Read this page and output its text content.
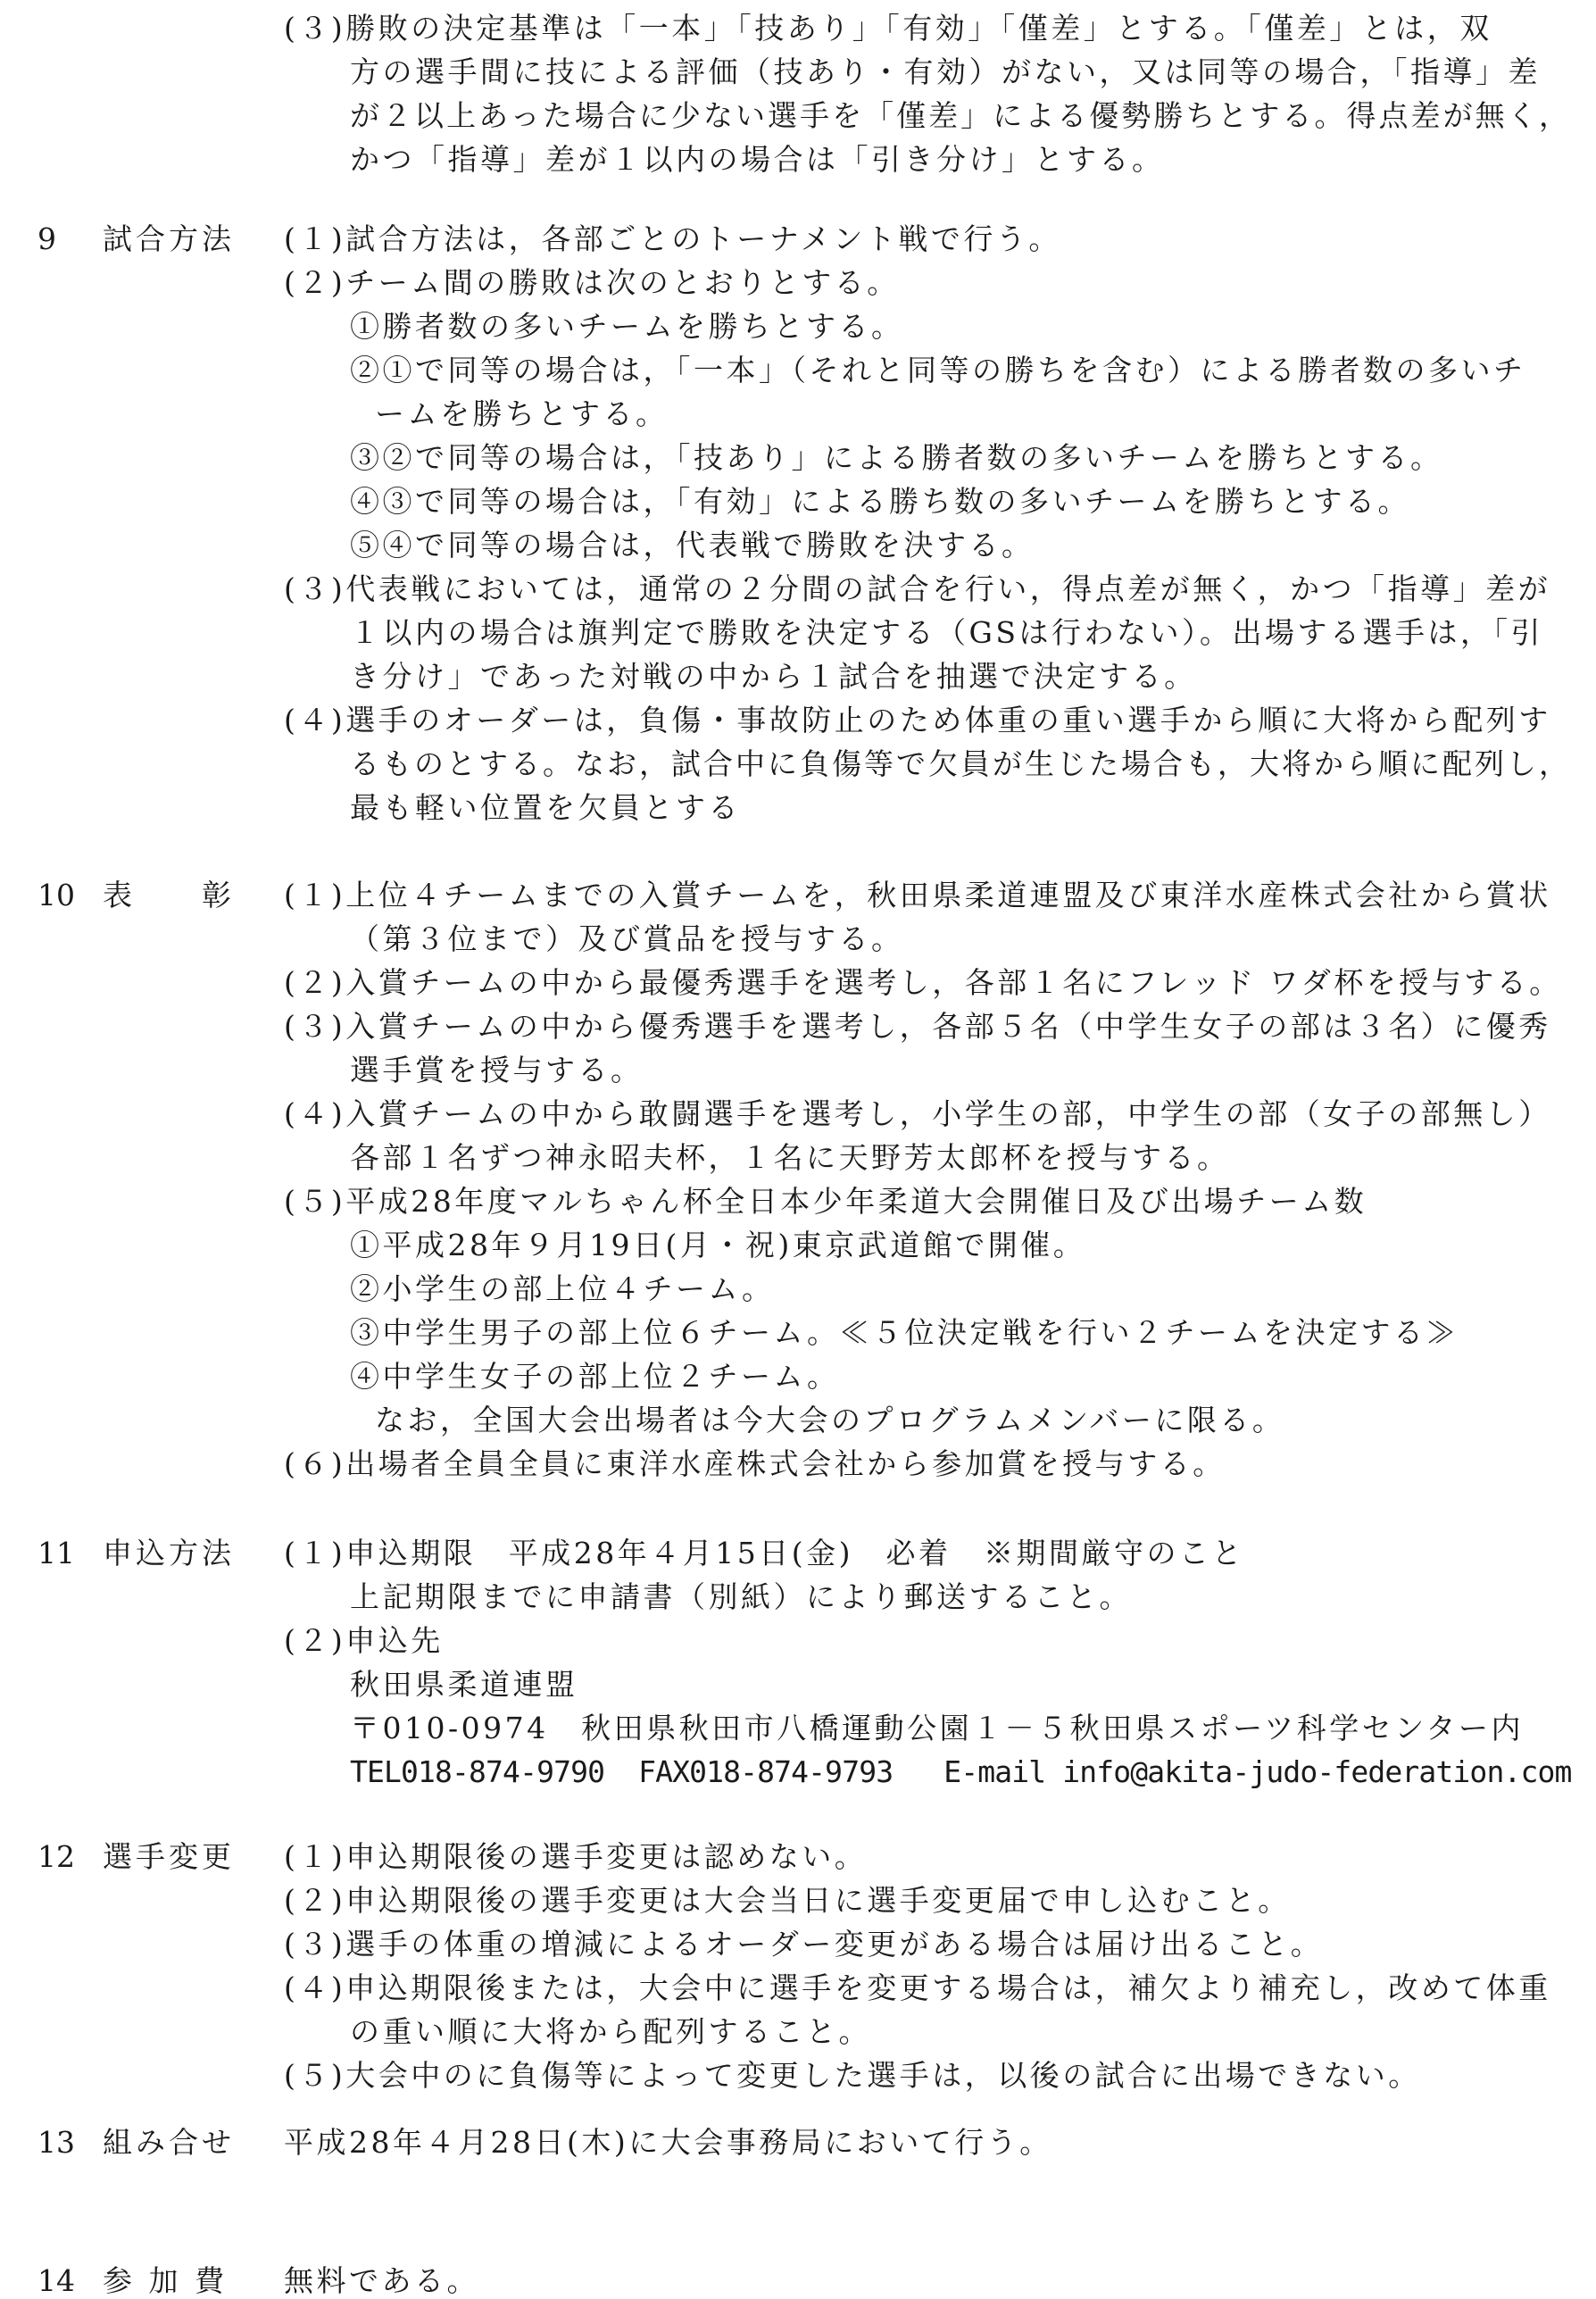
(３)勝敗の決定基準は「一本」「技あり」「有効」「僅差」とする。「僅差」とは，双
方の選手間に技による評価（技あり・有効）がない，又は同等の場合，「指導」差
が２以上あった場合に少ない選手を「僅差」による優勢勝ちとする。得点差が無く，
かつ「指導」差が１以内の場合は「引き分け」とする。
9 試合方法 (１)試合方法は，各部ごとのトーナメント戦で行う。
(２)チーム間の勝敗は次のとおりとする。
①勝者数の多いチームを勝ちとする。
②①で同等の場合は，「一本」（それと同等の勝ちを含む）による勝者数の多いチ
ームを勝ちとする。
③②で同等の場合は，「技あり」による勝者数の多いチームを勝ちとする。
④③で同等の場合は，「有効」による勝ち数の多いチームを勝ちとする。
⑤④で同等の場合は，代表戦で勝敗を決する。
(３)代表戦においては，通常の２分間の試合を行い，得点差が無く，かつ「指導」差が
１以内の場合は旗判定で勝敗を決定する（GSは行わない）。出場する選手は，「引
き分け」であった対戦の中から１試合を抽選で決定する。
(４)選手のオーダーは，負傷・事故防止のため体重の重い選手から順に大将から配列す
るものとする。なお，試合中に負傷等で欠員が生じた場合も，大将から順に配列し，
最も軽い位置を欠員とする
10 表　　彰 (１)上位４チームまでの入賞チームを，秋田県柔道連盟及び東洋水産株式会社から賞状
（第３位まで）及び賞品を授与する。
(２)入賞チームの中から最優秀選手を選考し，各部１名にフレッド ワダ杯を授与する。
(３)入賞チームの中から優秀選手を選考し，各部５名（中学生女子の部は３名）に優秀
選手賞を授与する。
(４)入賞チームの中から敢闘選手を選考し，小学生の部，中学生の部（女子の部無し）
各部１名ずつ神永昭夫杯，１名に天野芳太郎杯を授与する。
(５)平成28年度マルちゃん杯全日本少年柔道大会開催日及び出場チーム数
①平成28年９月19日(月・祝)東京武道館で開催。
②小学生の部上位４チーム。
③中学生男子の部上位６チーム。≪５位決定戦を行い２チームを決定する≫
④中学生女子の部上位２チーム。
なお，全国大会出場者は今大会のプログラムメンバーに限る。
(６)出場者全員全員に東洋水産株式会社から参加賞を授与する。
11 申込方法 (１)申込期限　平成28年４月15日(金)　必着　※期間厳守のこと
上記期限までに申請書（別紙）により郵送すること。
(２)申込先
秋田県柔道連盟
〒010-0974　秋田県秋田市八橋運動公園１－５秋田県スポーツ科学センター内
TEL018-874-9790  FAX018-874-9793   E-mail info@akita-judo-federation.com
12 選手変更 (１)申込期限後の選手変更は認めない。
(２)申込期限後の選手変更は大会当日に選手変更届で申し込むこと。
(３)選手の体重の増減によるオーダー変更がある場合は届け出ること。
(４)申込期限後または，大会中に選手を変更する場合は，補欠より補充し，改めて体重
の重い順に大将から配列すること。
(５)大会中のに負傷等によって変更した選手は，以後の試合に出場できない。
13 組み合せ 平成28年４月28日(木)に大会事務局において行う。
14 参 加 費 無料である。
